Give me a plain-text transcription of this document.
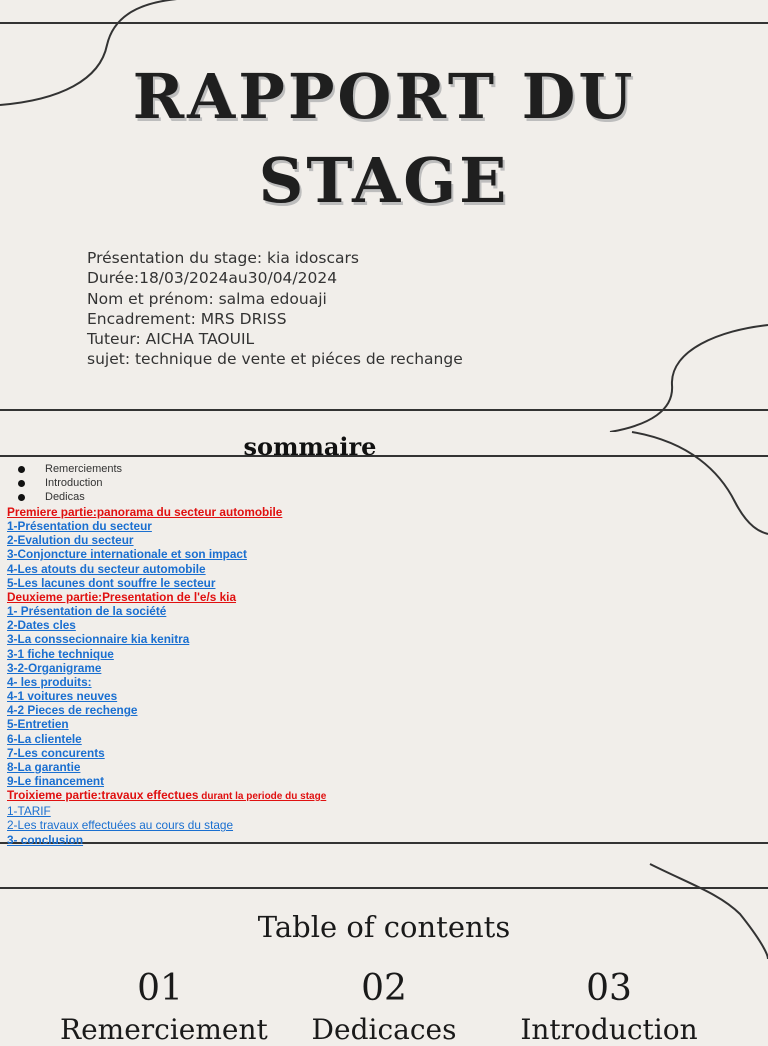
RAPPORT DU
STAGE
Présentation du stage: kia idoscars
Durée:18/03/2024au30/04/2024
Nom et prénom: salma edouaji
Encadrement: MRS DRISS
Tuteur: AICHA TAOUIL
sujet: technique de vente et piéces de rechange
sommaire
Remerciements
Introduction
Dedicas
Premiere partie:panorama du secteur automobile
1-Présentation du secteur
2-Evalution du secteur
3-Conjoncture internationale et son impact
4-Les atouts du secteur automobile
5-Les lacunes dont souffre le secteur
Deuxieme partie:Presentation de l'e/s kia
1- Présentation de la société
2-Dates cles
3-La conssecionnaire kia kenitra
3-1 fiche technique
3-2-Organigrame
4- les produits:
4-1 voitures neuves
4-2 Pieces de rechenge
5-Entretien
6-La clientele
7-Les concurents
8-La garantie
9-Le financement
Troixieme partie:travaux effectues durant la periode du stage
1-TARIF
2-Les travaux effectuées au cours du stage
3- conclusion
Table of contents
01
Remerciement
02
Dedicaces
03
Introduction
